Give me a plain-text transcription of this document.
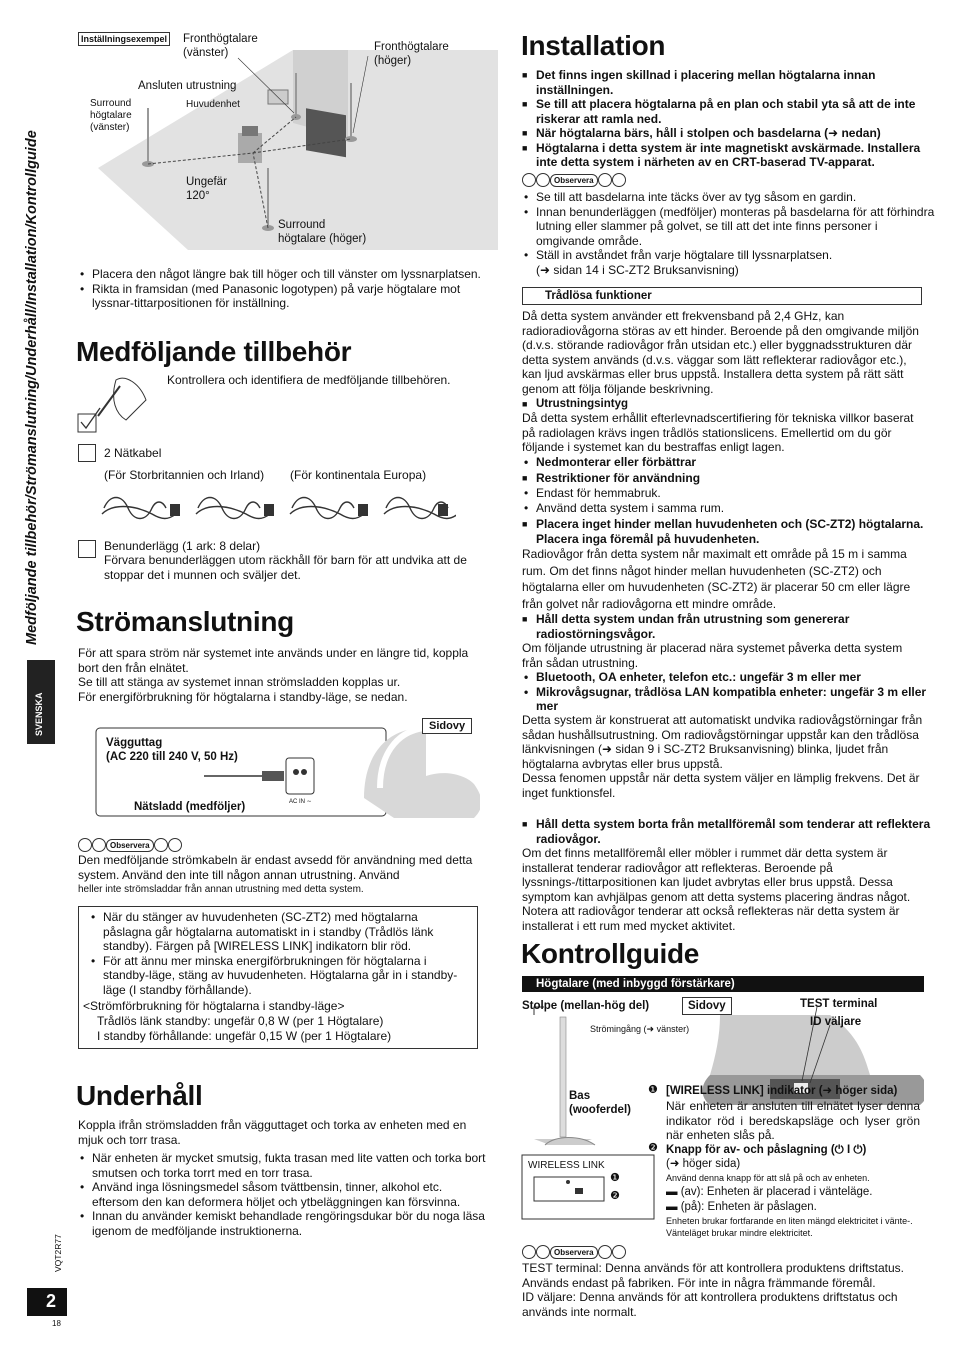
Medföljande tillbehör/Strömanslutning/Underhåll/Installation/Kontrollguide
SVENSKA
VQT2R77
2
18
Inställningsexempel Fronthögtalare
(vänster)	Fronthögtalare
(höger)
Ansluten utrustning
Huvudenhet
Surround
högtalare
(vänster)
Ungefär
120°
Surround
högtalare (höger)
• Placera den något längre bak till höger och till vänster om lyssnarplatsen.
• Rikta in framsidan (med Panasonic logotypen) på varje högtalare mot lyssnar-tittarpositionen för inställning.
Medföljande tillbehör
Kontrollera och identifiera de medföljande tillbehören.
2 Nätkabel
(För Storbritannien och Irland) (För kontinentala Europa)
Benunderlägg (1 ark: 8 delar)
Förvara benunderläggen utom räckhåll för barn för att undvika att de stoppar det i munnen och sväljer det.
Strömanslutning
För att spara ström när systemet inte används under en längre tid, koppla bort den från elnätet.
Se till att stänga av systemet innan strömsladden kopplas ur.
För energiförbrukning för högtalarna i standby-läge, se nedan.
Sidovy
Vägguttag
(AC 220 till 240 V, 50 Hz)
Nätsladd (medföljer)	AC IN ∼
Observera
Den medföljande strömkabeln är endast avsedd för användning med detta system. Använd den inte till någon annan utrustning. Använd
heller inte strömsladdar från annan utrustning med detta system.
• När du stänger av huvudenheten (SC-ZT2) med högtalarna påslagna går högtalarna automatiskt in i standby (Trådlös länk standby). Färgen på [WIRELESS LINK] indikatorn blir röd.
• För att ännu mer minska energiförbrukningen för högtalarna i standby-läge, stäng av huvudenheten. Högtalarna går in i standby-läge (I standby förhållande).
<Strömförbrukning för högtalarna i standby-läge>
Trådlös länk standby: ungefär 0,8 W (per 1 Högtalare)
I standby förhållande: ungefär 0,15 W (per 1 Högtalare)
Underhåll
Koppla ifrån strömsladden från vägguttaget och torka av enheten med en mjuk och torr trasa.
• När enheten är mycket smutsig, fukta trasan med lite vatten och torka bort smutsen och torka torrt med en torr trasa.
• Använd inga lösningsmedel såsom tvättbensin, tinner, alkohol etc. eftersom den kan deformera höljet och ytbeläggningen kan försvinna.
• Innan du använder kemiskt behandlade rengöringsdukar bör du noga läsa igenom de medföljande instruktionerna.
Installation
■ Det finns ingen skillnad i placering mellan högtalarna innan inställningen.
■ Se till att placera högtalarna på en plan och stabil yta så att de inte riskerar att ramla ned.
■ När högtalarna bärs, håll i stolpen och basdelarna (➜ nedan)
■ Högtalarna i detta system är inte magnetiskt avskärmade. Installera inte detta system i närheten av en CRT-baserad TV-apparat.
Observera
• Se till att basdelarna inte täcks över av tyg såsom en gardin.
• Innan benunderläggen (medföljer) monteras på basdelarna för att förhindra lutning eller slammer på golvet, se till att det inte finns personer i omgivande område.
• Ställ in avståndet från varje högtalare till lyssnarplatsen.
(➜ sidan 14 i SC-ZT2 Bruksanvisning)
Trådlösa funktioner
Då detta system använder ett frekvensband på 2,4 GHz, kan radioradiovågorna störas av ett hinder. Beroende på den omgivande miljön (d.v.s. störande radiovågor från utsidan etc.) eller byggnadsstrukturen där detta system används (d.v.s. väggar som lätt reflekterar radiovågor etc.), kan ljud avskärmas eller brus uppstå. Installera detta system på rätt sätt genom att följa följande beskrivning.
■ Utrustningsintyg
Då detta system erhållit efterlevnadscertifiering för tekniska villkor baserat på radiolagen krävs ingen trådlös stationslicens. Emellertid om du gör följande i systemet kan du bestraffas enligt lagen.
• Nedmonterar eller förbättrar
■ Restriktioner för användning
• Endast för hemmabruk.
• Använd detta system i samma rum.
■ Placera inget hinder mellan huvudenheten och (SC-ZT2) högtalarna. Placera inga föremål på huvudenheten.
Radiovågor från detta system når maximalt ett område på 15 m i samma rum. Om det finns något hinder mellan huvudenheten (SC-ZT2) och högtalarna eller om huvudenheten (SC-ZT2) är placerar 50 cm eller lägre från golvet når radiovågorna ett mindre område.
■ Håll detta system undan från utrustning som genererar radiostörningsvågor.
Om följande utrustning är placerad nära systemet påverka detta system från sådan utrustning.
• Bluetooth, OA enheter, telefon etc.: ungefär 3 m eller mer
• Mikrovågsugnar, trådlösa LAN kompatibla enheter: ungefär 3 m eller mer
Detta system är konstruerat att automatiskt undvika radiovågstörningar från sådan hushållsutrustning. Om radiovågstörningar uppstår kan den trådlösa länkvisningen (➜ sidan 9 i SC-ZT2 Bruksanvisning) blinka, ljudet från högtalarna avbrytas eller brus uppstå.
Dessa fenomen uppstår när detta system väljer en lämplig frekvens. Det är inget funktionsfel.
■ Håll detta system borta från metallföremål som tenderar att reflektera radiovågor.
Om det finns metallföremål eller möbler i rummet där detta system är installerat tenderar radiovågor att reflekteras. Beroende på lyssnings-/tittarpositionen kan ljudet avbrytas eller brus uppstå. Dessa symptom kan avhjälpas genom att detta systems placering ändras något. Notera att radiovågor tenderar att också reflekteras när detta system är installerat i ett rum med mycket aktivitet.
Kontrollguide
Högtalare (med inbyggd förstärkare)
Stolpe (mellan-hög del)	Sidovy	TEST terminal
ID väljare
Strömingång (➜ vänster)
Bas
(wooferdel)
WIRELESS LINK
❶
❷
❶ [WIRELESS LINK] indikator (➜ höger sida)
När enheten är ansluten till elnätet lyser denna indikator röd i beredskapsläge och lyser grön när enheten slås på.
❷ Knapp för av- och påslagning (⏻ I ⏻)
(➜ höger sida)
Använd denna knapp för att slå på och av enheten.
▬ (av): Enheten är placerad i vänteläge.
▬ (på): Enheten är påslagen.
Enheten brukar fortfarande en liten mängd elektricitet i vänte-. Vänteläget brukar mindre elektricitet.
Observera
TEST terminal: Denna används för att kontrollera produktens driftstatus. Används endast på fabriken. För inte in några främmande föremål.
ID väljare: Denna används för att kontrollera produktens driftstatus och används inte normalt.
